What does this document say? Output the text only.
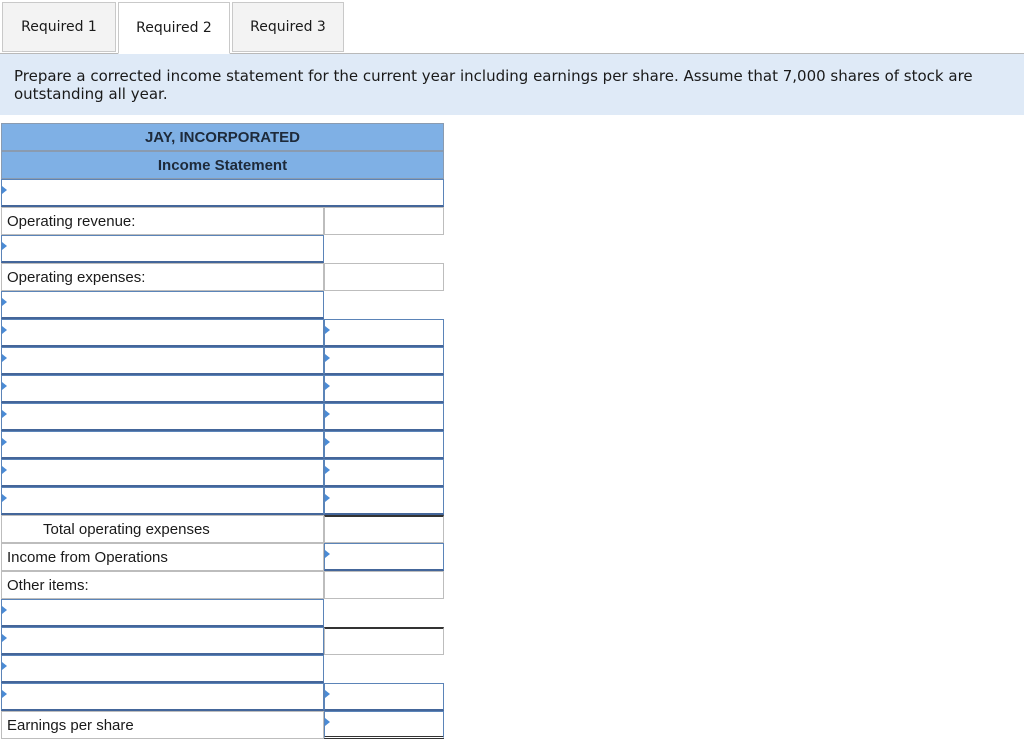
Required 1	Required 2	Required 3
Prepare a corrected income statement for the current year including earnings per share. Assume that 7,000 shares of stock are outstanding all year.
JAY, INCORPORATED
Income Statement
Operating revenue:
Operating expenses:
Total operating expenses
Income from Operations
Other items:
Earnings per share
